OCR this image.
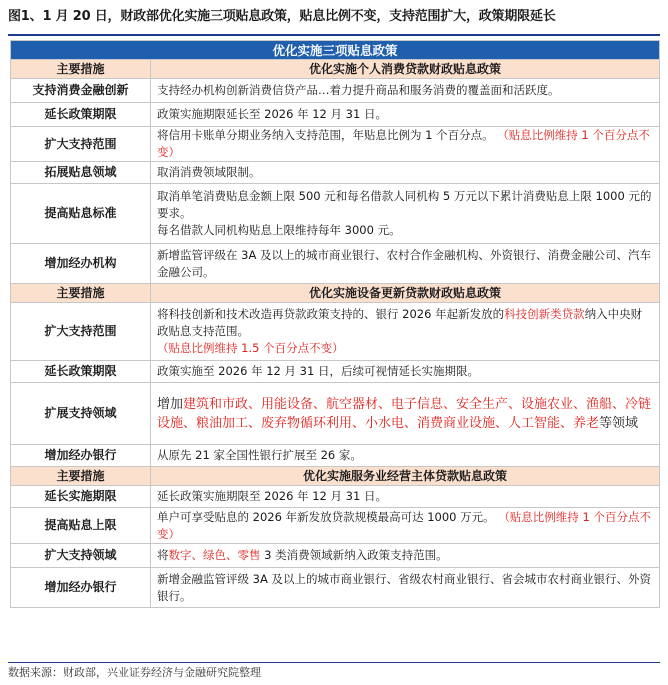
图1、1 月 20 日，财政部优化实施三项贴息政策，贴息比例不变，支持范围扩大，政策期限延长
优化实施三项贴息政策	
主要措施	优化实施个人消费贷款财政贴息政策
支持消费金融创新	支持经办机构创新消费信贷产品…着力提升商品和服务消费的覆盖面和活跃度。
延长政策期限	政策实施期限延长至 2026 年 12 月 31 日。
扩大支持范围	将信用卡账单分期业务纳入支持范围，年贴息比例为 1 个百分点。 （贴息比例维持 1 个百分点不变）
拓展贴息领域	取消消费领域限制。
提高贴息标准	取消单笔消费贴息金额上限 500 元和每名借款人同机构 5 万元以下累计消费贴息上限 1000 元的要求。
每名借款人同机构贴息上限维持每年 3000 元。

增加经办机构	新增监管评级在 3A 及以上的城市商业银行、农村合作金融机构、外资银行、消费金融公司、汽车金融公司。
主要措施	优化实施设备更新贷款财政贴息政策
扩大支持范围	将科技创新和技术改造再贷款政策支持的、银行 2026 年起新发放的科技创新类贷款纳入中央财政贴息支持范围。
（贴息比例维持 1.5 个百分点不变）

延长政策期限	政策实施至 2026 年 12 月 31 日，后续可视情延长实施期限。
扩展支持领域	增加建筑和市政、用能设备、航空器材、电子信息、安全生产、设施农业、渔船、冷链设施、粮油加工、废弃物循环利用、小水电、消费商业设施、人工智能、养老等领域
增加经办银行	从原先 21 家全国性银行扩展至 26 家。
主要措施	优化实施服务业经营主体贷款贴息政策
延长实施期限	延长政策实施期限至 2026 年 12 月 31 日。
提高贴息上限	单户可享受贴息的 2026 年新发放贷款规模最高可达 1000 万元。 （贴息比例维持 1 个百分点不变）
扩大支持领域	将数字、绿色、零售 3 类消费领域新纳入政策支持范围。
增加经办银行	新增金融监管评级 3A 及以上的城市商业银行、省级农村商业银行、省会城市农村商业银行、外资银行。
数据来源：财政部，兴业证券经济与金融研究院整理
